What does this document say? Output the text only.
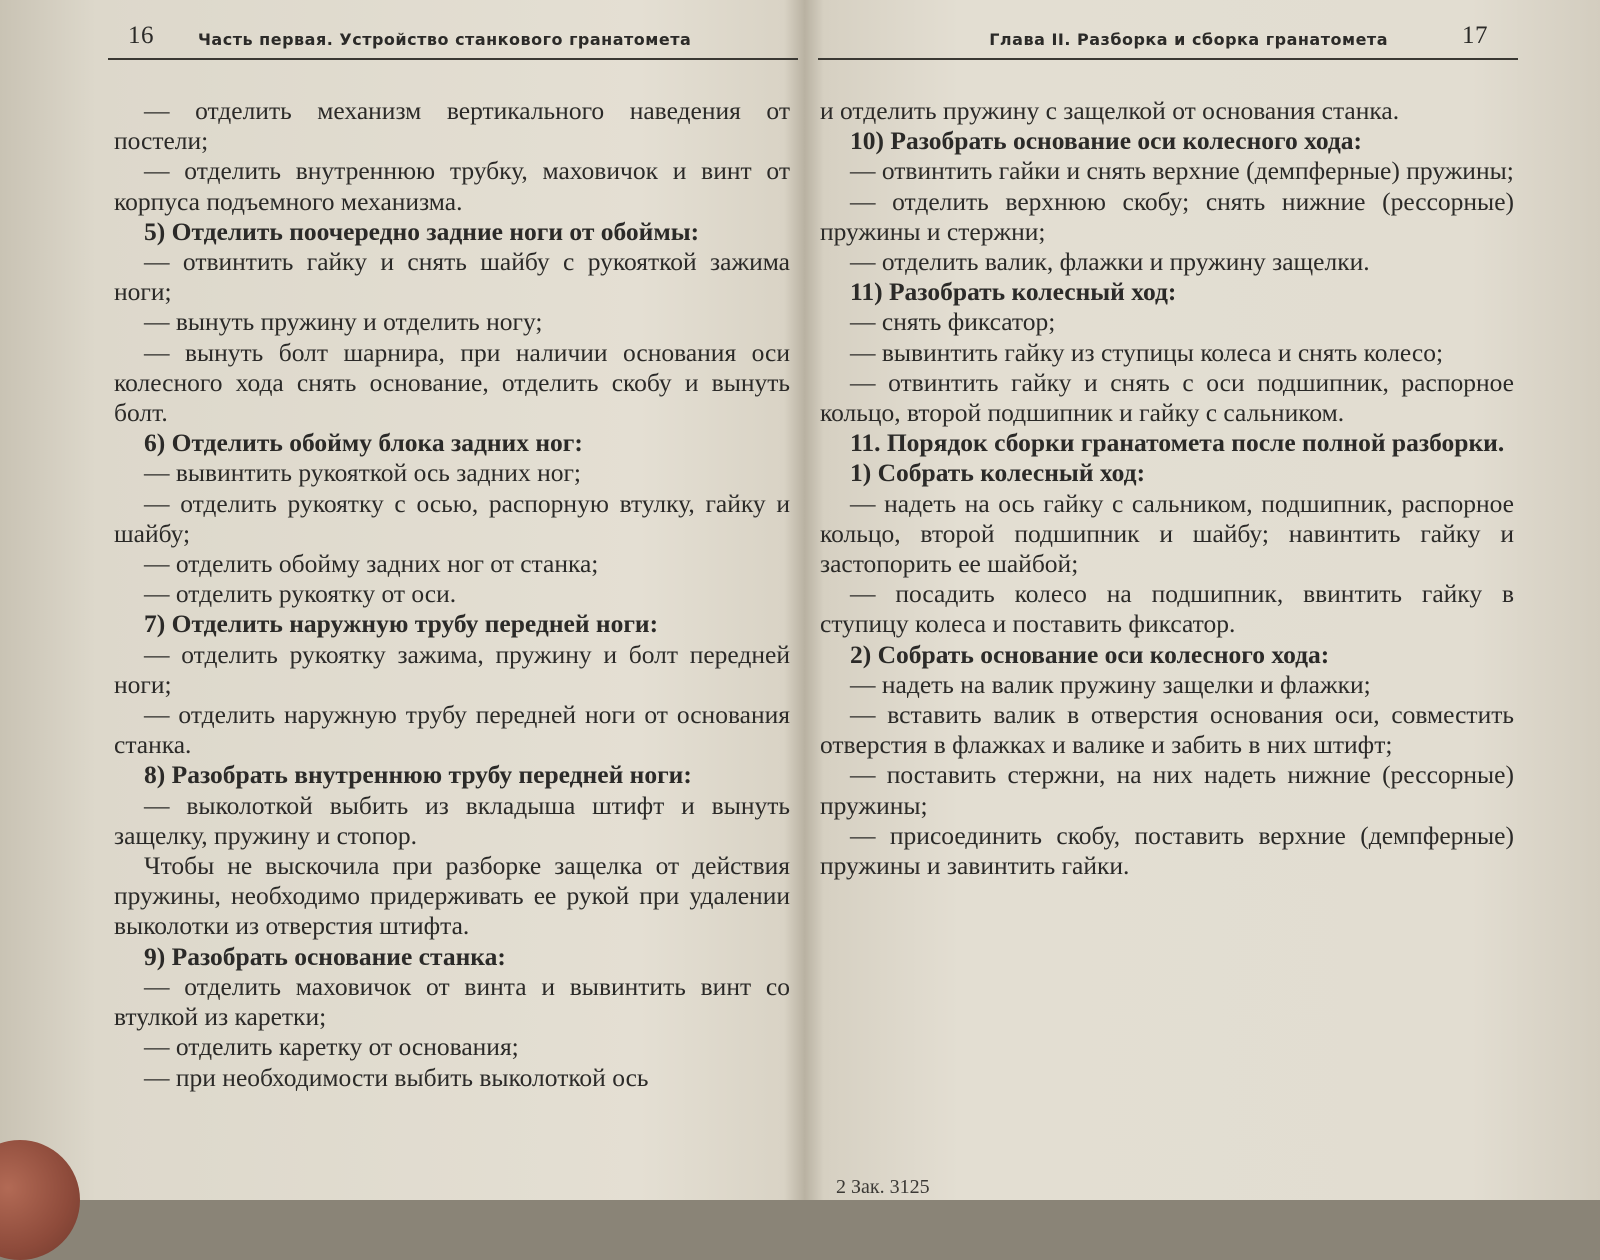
16	Часть первая. Устройство станкового гранатомета

— отделить механизм вертикального наведения от постели;

— отделить внутреннюю трубку, маховичок и винт от корпуса подъемного механизма.

5) Отделить поочередно задние ноги от обоймы:

— отвинтить гайку и снять шайбу с рукояткой зажима ноги;

— вынуть пружину и отделить ногу;

— вынуть болт шарнира, при наличии основания оси колесного хода снять основание, отделить скобу и вынуть болт.

6) Отделить обойму блока задних ног:

— вывинтить рукояткой ось задних ног;

— отделить рукоятку с осью, распорную втулку, гайку и шайбу;

— отделить обойму задних ног от станка;

— отделить рукоятку от оси.

7) Отделить наружную трубу передней ноги:

— отделить рукоятку зажима, пружину и болт передней ноги;

— отделить наружную трубу передней ноги от основания станка.

8) Разобрать внутреннюю трубу передней ноги:

— выколоткой выбить из вкладыша штифт и вынуть защелку, пружину и стопор.

Чтобы не выскочила при разборке защелка от действия пружины, необходимо придерживать ее рукой при удалении выколотки из отверстия штифта.

9) Разобрать основание станка:

— отделить маховичок от винта и вывинтить винт со втулкой из каретки;

— отделить каретку от основания;

— при необходимости выбить выколоткой ось

Глава II. Разборка и сборка гранатомета	17

и отделить пружину с защелкой от основания станка.

10) Разобрать основание оси колесного хода:

— отвинтить гайки и снять верхние (демпферные) пружины;

— отделить верхнюю скобу; снять нижние (рессорные) пружины и стержни;

— отделить валик, флажки и пружину защелки.

11) Разобрать колесный ход:

— снять фиксатор;

— вывинтить гайку из ступицы колеса и снять колесо;

— отвинтить гайку и снять с оси подшипник, распорное кольцо, второй подшипник и гайку с сальником.

11. Порядок сборки гранатомета после полной разборки.

1) Собрать колесный ход:

— надеть на ось гайку с сальником, подшипник, распорное кольцо, второй подшипник и шайбу; навинтить гайку и застопорить ее шайбой;

— посадить колесо на подшипник, ввинтить гайку в ступицу колеса и поставить фиксатор.

2) Собрать основание оси колесного хода:

— надеть на валик пружину защелки и флажки;

— вставить валик в отверстия основания оси, совместить отверстия в флажках и валике и забить в них штифт;

— поставить стержни, на них надеть нижние (рессорные) пружины;

— присоединить скобу, поставить верхние (демпферные) пружины и завинтить гайки.

2 Зак. 3125
